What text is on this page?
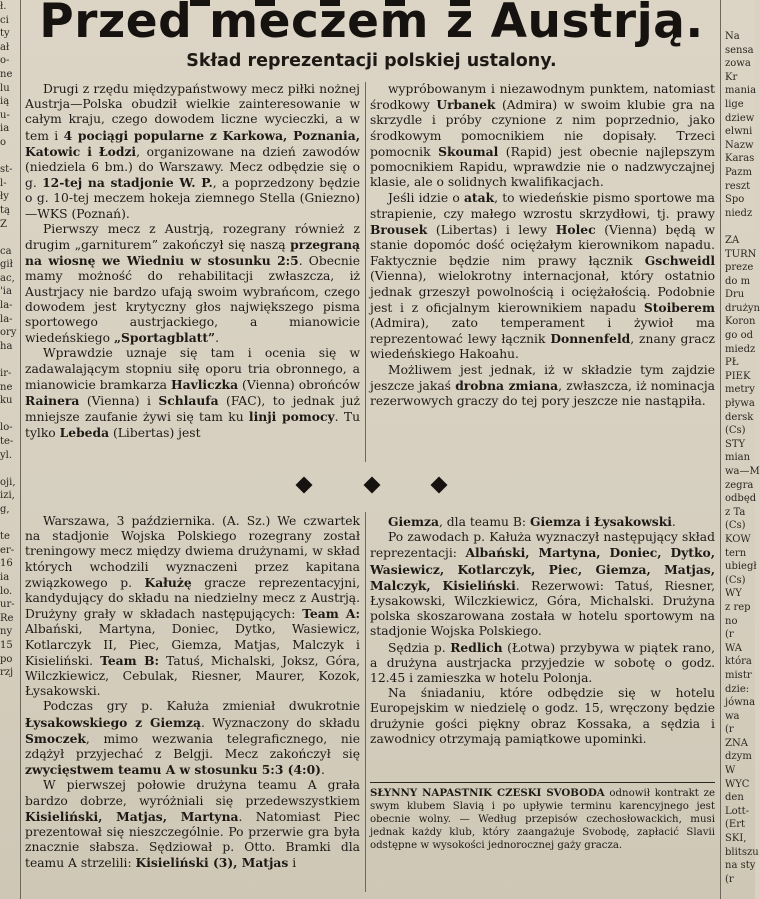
ł.
ci
ty
ał
o-
ne
lu
ią
u-
ia
o
st-
l-
ły
tą
Z
ca
gił
ac,
'ia
la-
la-
ory
ha
ir-
ne
ku
lo-
te-
yl.
oji,
izi,
g,
te
er-
16
ia
lo.
ur-
Re
ny
15
po
rzj
Na
sensa
zowa
Kr
mania
lige
dziew
elwni
Nazw
Karas
Pazm
reszt
Spo
niedz
ZA
TURN
preze
do m
Dru
drużyn
Koron
go od
miedz
PŁ
PIEK
metry
pływa
dersk
(Cs)
STY
mian
wa—M
zegra
odbęd
z Ta
(Cs)
KOW
tern
ubiegł
(Cs)
WY
z rep
no
(r
WA
która
mistr
dzie:
jówna
wa
(r
ZNA
dzym
W
WYC
den
Lott-
(Ert
SKI,
blitszu
na sty
(r
Przed meczem z Austrją.
Skład reprezentacji polskiej ustalony.

Drugi z rzędu międzypaństwowy mecz piłki nożnej Austrja—Polska obudził wielkie zainteresowanie w całym kraju, czego dowodem liczne wycieczki, a w tem i 4 pociągi popularne z Karkowa, Poznania, Katowic i Łodzi, organizowane na dzień zawodów (niedziela 6 bm.) do Warszawy. Mecz odbędzie się o g. 12-tej na stadjonie W. P., a poprzedzony będzie o g. 10-tej meczem hokeja ziemnego Stella (Gniezno)—WKS (Poznań).

Pierwszy mecz z Austrją, rozegrany również z drugim „garniturem” zakończył się naszą przegraną na wiosnę we Wiedniu w stosunku 2:5. Obecnie mamy możność do rehabilitacji zwłaszcza, iż Austrjacy nie bardzo ufają swoim wybrańcom, czego dowodem jest krytyczny głos największego pisma sportowego austrjackiego, a mianowicie wiedeńskiego „Sportagblatt”.

Wprawdzie uznaje się tam i ocenia się w zadawalającym stopniu siłę oporu tria obronnego, a mianowicie bramkarza Havliczka (Vienna) obrońców Rainera (Vienna) i Schlaufa (FAC), to jednak już mniejsze zaufanie żywi się tam ku linji pomocy. Tu tylko Lebeda (Libertas) jest

wypróbowanym i niezawodnym punktem, natomiast środkowy Urbanek (Admira) w swoim klubie gra na skrzydle i próby czynione z nim poprzednio, jako środkowym pomocnikiem nie dopisały. Trzeci pomocnik Skoumal (Rapid) jest obecnie najlepszym pomocnikiem Rapidu, wprawdzie nie o nadzwyczajnej klasie, ale o solidnych kwalifikacjach.

Jeśli idzie o atak, to wiedeńskie pismo sportowe ma strapienie, czy małego wzrostu skrzydłowi, tj. prawy Brousek (Libertas) i lewy Holec (Vienna) będą w stanie dopomóc dość ociężałym kierownikom napadu. Faktycznie będzie nim prawy łącznik Gschweidl (Vienna), wielokrotny internacjonał, który ostatnio jednak grzeszył powolnością i ociężałością. Podobnie jest i z oficjalnym kierownikiem napadu Stoiberem (Admira), zato temperament i żywioł ma reprezentować lewy łącznik Donnenfeld, znany gracz wiedeńskiego Hakoahu.

Możliwem jest jednak, iż w składzie tym zajdzie jeszcze jakaś drobna zmiana, zwłaszcza, iż nominacja rezerwowych graczy do tej pory jeszcze nie nastąpiła.

Warszawa, 3 października. (A. Sz.) We czwartek na stadjonie Wojska Polskiego rozegrany został treningowy mecz między dwiema drużynami, w skład których wchodzili wyznaczeni przez kapitana związkowego p. Kałużę gracze reprezentacyjni, kandydujący do składu na niedzielny mecz z Austrją. Drużyny grały w składach następujących: Team A: Albański, Martyna, Doniec, Dytko, Wasiewicz, Kotlarczyk II, Piec, Giemza, Matjas, Malczyk i Kisieliński. Team B: Tatuś, Michalski, Joksz, Góra, Wilczkiewicz, Cebulak, Riesner, Maurer, Kozok, Łysakowski.

Podczas gry p. Kałuża zmieniał dwukrotnie Łysakowskiego z Giemzą. Wyznaczony do składu Smoczek, mimo wezwania telegraficznego, nie zdążył przyjechać z Belgji. Mecz zakończył się zwycięstwem teamu A w stosunku 5:3 (4:0).

W pierwszej połowie drużyna teamu A grała bardzo dobrze, wyróżniali się przedewszystkiem Kisieliński, Matjas, Martyna. Natomiast Piec prezentował się nieszczególnie. Po przerwie gra była znacznie słabsza. Sędziował p. Otto. Bramki dla teamu A strzelili: Kisieliński (3), Matjas i

Giemza, dla teamu B: Giemza i Łysakowski.

Po zawodach p. Kałuża wyznaczył następujący skład reprezentacji: Albański, Martyna, Doniec, Dytko, Wasiewicz, Kotlarczyk, Piec, Giemza, Matjas, Malczyk, Kisieliński. Rezerwowi: Tatuś, Riesner, Łysakowski, Wilczkiewicz, Góra, Michalski. Drużyna polska skoszarowana została w hotelu sportowym na stadjonie Wojska Polskiego.

Sędzia p. Redlich (Łotwa) przybywa w piątek rano, a drużyna austrjacka przyjedzie w sobotę o godz. 12.45 i zamieszka w hotelu Polonja.

Na śniadaniu, które odbędzie się w hotelu Europejskim w niedzielę o godz. 15, wręczony będzie drużynie gości piękny obraz Kossaka, a sędzia i zawodnicy otrzymają pamiątkowe upominki.

SŁYNNY NAPASTNIK CZESKI SVOBODA odnowił kontrakt ze swym klubem Slavią i po upływie terminu karencyjnego jest obecnie wolny. — Według przepisów czechosłowackich, musi jednak każdy klub, który zaangażuje Svobodę, zapłacić Slavii odstępne w wysokości jednorocznej gaży gracza.
